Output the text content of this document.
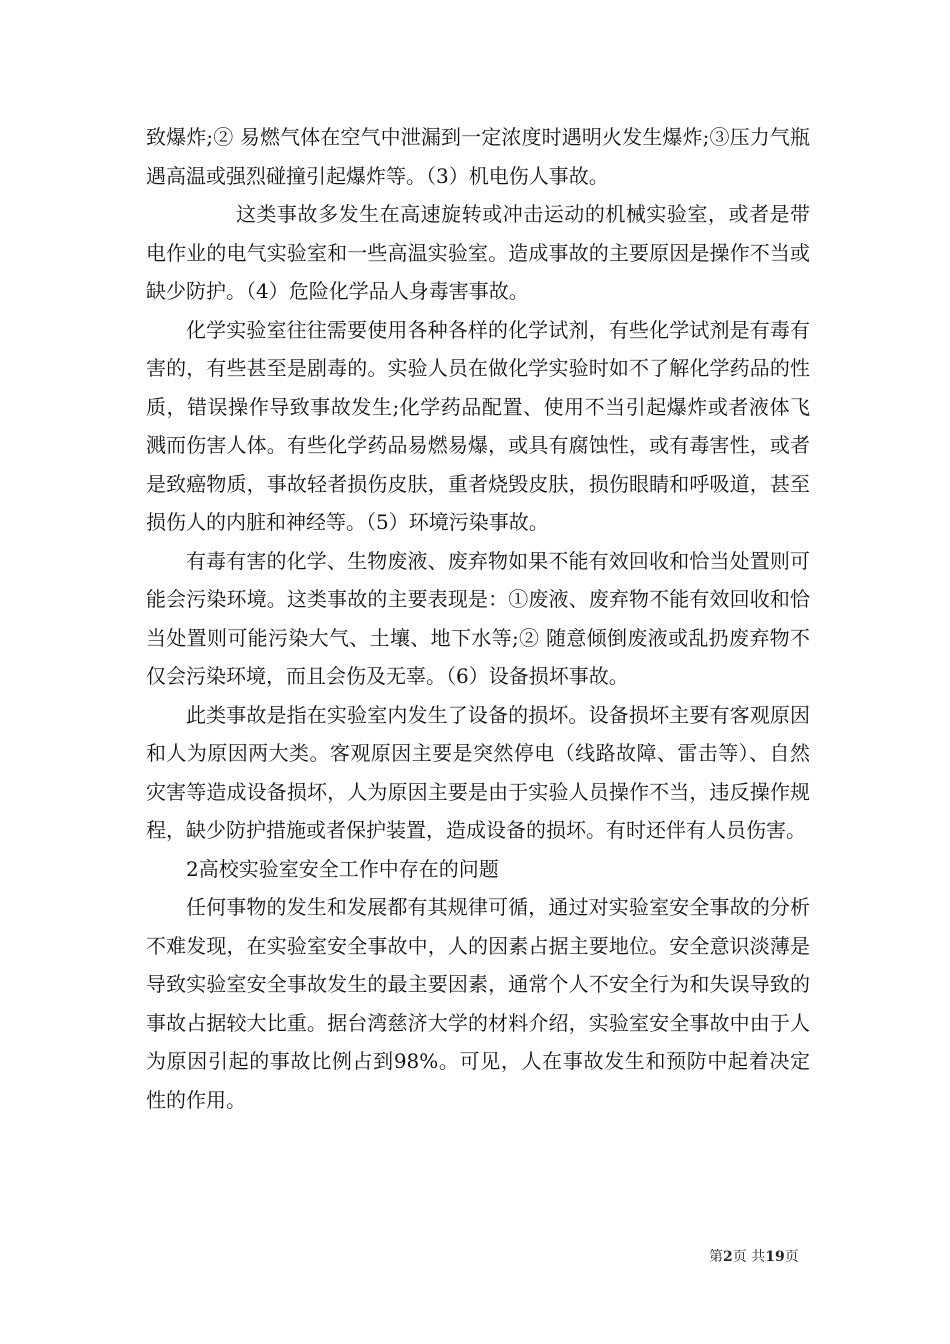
致爆炸;② 易燃气体在空气中泄漏到一定浓度时遇明火发生爆炸;③压力气瓶遇高温或强烈碰撞引起爆炸等。（3）机电伤人事故。

这类事故多发生在高速旋转或冲击运动的机械实验室，或者是带电作业的电气实验室和一些高温实验室。造成事故的主要原因是操作不当或缺少防护。（4）危险化学品人身毒害事故。

化学实验室往往需要使用各种各样的化学试剂，有些化学试剂是有毒有害的，有些甚至是剧毒的。实验人员在做化学实验时如不了解化学药品的性质，错误操作导致事故发生;化学药品配置、使用不当引起爆炸或者液体飞溅而伤害人体。有些化学药品易燃易爆，或具有腐蚀性，或有毒害性，或者是致癌物质，事故轻者损伤皮肤，重者烧毁皮肤，损伤眼睛和呼吸道，甚至损伤人的内脏和神经等。（5）环境污染事故。

有毒有害的化学、生物废液、废弃物如果不能有效回收和恰当处置则可能会污染环境。这类事故的主要表现是：①废液、废弃物不能有效回收和恰当处置则可能污染大气、土壤、地下水等;② 随意倾倒废液或乱扔废弃物不仅会污染环境，而且会伤及无辜。（6）设备损坏事故。

此类事故是指在实验室内发生了设备的损坏。设备损坏主要有客观原因和人为原因两大类。客观原因主要是突然停电（线路故障、雷击等）、自然灾害等造成设备损坏，人为原因主要是由于实验人员操作不当，违反操作规程，缺少防护措施或者保护装置，造成设备的损坏。有时还伴有人员伤害。

2高校实验室安全工作中存在的问题

任何事物的发生和发展都有其规律可循，通过对实验室安全事故的分析不难发现，在实验室安全事故中，人的因素占据主要地位。安全意识淡薄是导致实验室安全事故发生的最主要因素，通常个人不安全行为和失误导致的事故占据较大比重。据台湾慈济大学的材料介绍，实验室安全事故中由于人为原因引起的事故比例占到98%。可见，人在事故发生和预防中起着决定性的作用。

第2页 共19页
